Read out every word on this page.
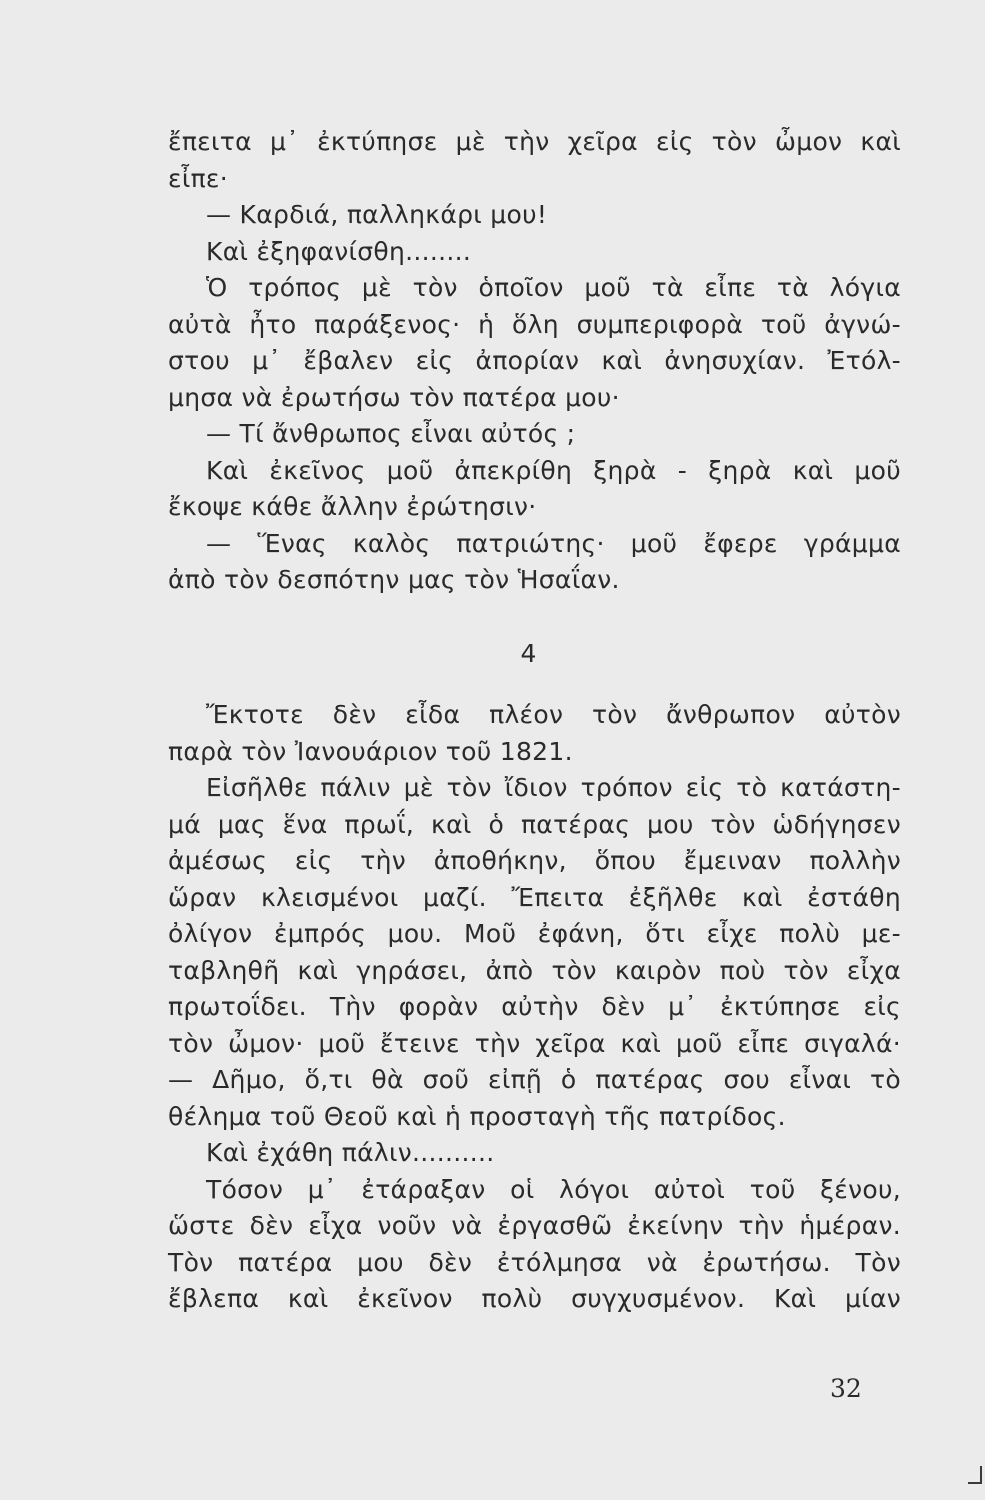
ἔπειτα μ᾽ ἐκτύπησε μὲ τὴν χεῖρα εἰς τὸν ὦμον καὶ
εἶπε·
— Καρδιά, παλληκάρι μου!
Καὶ ἐξηφανίσθη........
Ὁ τρόπος μὲ τὸν ὁποῖον μοῦ τὰ εἶπε τὰ λόγια
αὐτὰ ἦτο παράξενος· ἡ ὅλη συμπεριφορὰ τοῦ ἀγνώ-
στου μ᾽ ἔβαλεν εἰς ἀπορίαν καὶ ἀνησυχίαν. Ἐτόλ-
μησα νὰ ἐρωτήσω τὸν πατέρα μου·
— Τί ἄνθρωπος εἶναι αὐτός ;
Καὶ ἐκεῖνος μοῦ ἀπεκρίθη ξηρὰ - ξηρὰ καὶ μοῦ
ἔκοψε κάθε ἄλλην ἐρώτησιν·
— Ἕνας καλὸς πατριώτης· μοῦ ἔφερε γράμμα
ἀπὸ τὸν δεσπότην μας τὸν Ἡσαΐαν.
4
Ἔκτοτε δὲν εἶδα πλέον τὸν ἄνθρωπον αὐτὸν
παρὰ τὸν Ἰανουάριον τοῦ 1821.
Εἰσῆλθε πάλιν μὲ τὸν ἴδιον τρόπον εἰς τὸ κατάστη-
μά μας ἕνα πρωΐ, καὶ ὁ πατέρας μου τὸν ὡδήγησεν
ἀμέσως εἰς τὴν ἀποθήκην, ὅπου ἔμειναν πολλὴν
ὥραν κλεισμένοι μαζί. Ἔπειτα ἐξῆλθε καὶ ἐστάθη
ὀλίγον ἐμπρός μου. Μοῦ ἐφάνη, ὅτι εἶχε πολὺ με-
ταβληθῆ καὶ γηράσει, ἀπὸ τὸν καιρὸν ποὺ τὸν εἶχα
πρωτοΐδει. Τὴν φορὰν αὐτὴν δὲν μ᾽ ἐκτύπησε εἰς
τὸν ὦμον· μοῦ ἔτεινε τὴν χεῖρα καὶ μοῦ εἶπε σιγαλά·
— Δῆμο, ὅ,τι θὰ σοῦ εἰπῇ ὁ πατέρας σου εἶναι τὸ
θέλημα τοῦ Θεοῦ καὶ ἡ προσταγὴ τῆς πατρίδος.
Καὶ ἐχάθη πάλιν..........
Τόσον μ᾽ ἐτάραξαν οἱ λόγοι αὐτοὶ τοῦ ξένου,
ὥστε δὲν εἶχα νοῦν νὰ ἐργασθῶ ἐκείνην τὴν ἡμέραν.
Τὸν πατέρα μου δὲν ἐτόλμησα νὰ ἐρωτήσω. Τὸν
ἔβλεπα καὶ ἐκεῖνον πολὺ συγχυσμένον. Καὶ μίαν
32
